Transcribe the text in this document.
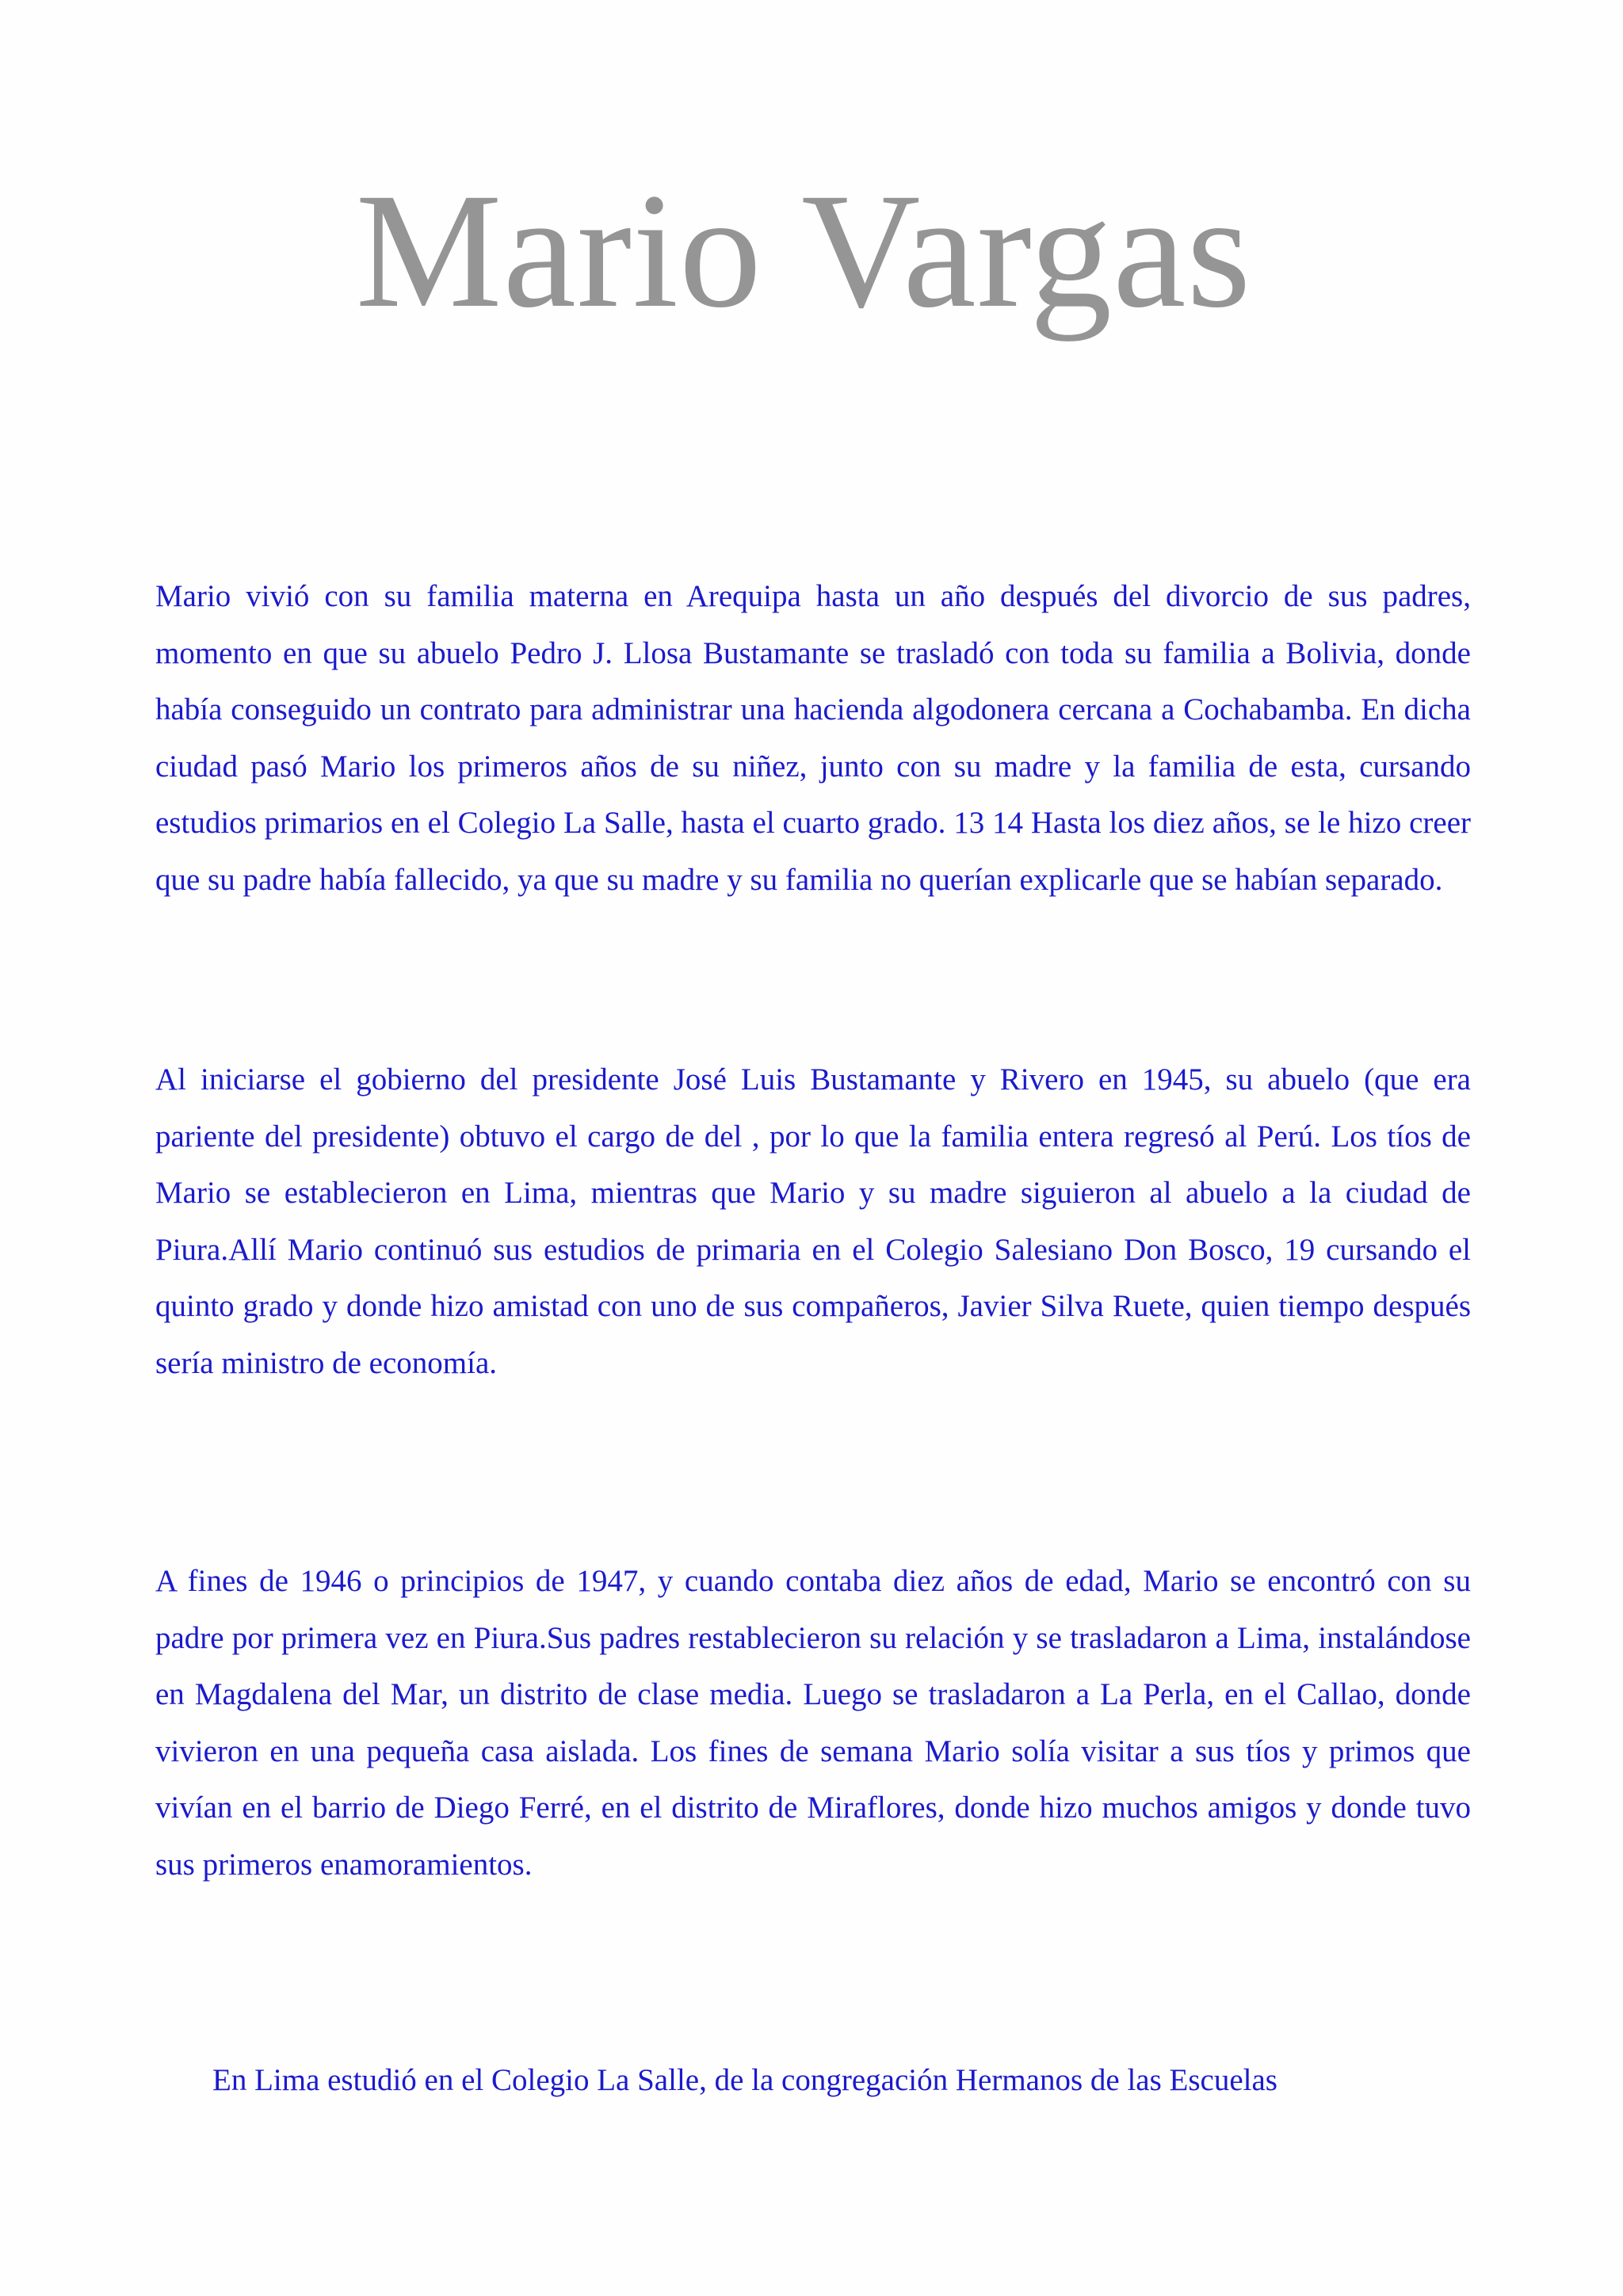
Mario Vargas

Mario vivió con su familia materna en Arequipa hasta un año después del divorcio de sus padres, momento en que su abuelo Pedro J. Llosa Bustamante se trasladó con toda su familia a Bolivia, donde había conseguido un contrato para administrar una hacienda algodonera cercana a Cochabamba. En dicha ciudad pasó Mario los primeros años de su niñez, junto con su madre y la familia de esta, cursando estudios primarios en el Colegio La Salle, hasta el cuarto grado. 13 14 Hasta los diez años, se le hizo creer que su padre había fallecido, ya que su madre y su familia no querían explicarle que se habían separado.

Al iniciarse el gobierno del presidente José Luis Bustamante y Rivero en 1945, su abuelo (que era pariente del presidente) obtuvo el cargo de del , por lo que la familia entera regresó al Perú. Los tíos de Mario se establecieron en Lima, mientras que Mario y su madre siguieron al abuelo a la ciudad de Piura.Allí Mario continuó sus estudios de primaria en el Colegio Salesiano Don Bosco, 19 cursando el quinto grado y donde hizo amistad con uno de sus compañeros, Javier Silva Ruete, quien tiempo después sería ministro de economía.

A fines de 1946 o principios de 1947, y cuando contaba diez años de edad, Mario se encontró con su padre por primera vez en Piura.Sus padres restablecieron su relación y se trasladaron a Lima, instalándose en Magdalena del Mar, un distrito de clase media. Luego se trasladaron a La Perla, en el Callao, donde vivieron en una pequeña casa aislada. Los fines de semana Mario solía visitar a sus tíos y primos que vivían en el barrio de Diego Ferré, en el distrito de Miraflores, donde hizo muchos amigos y donde tuvo sus primeros enamoramientos.

En Lima estudió en el Colegio La Salle, de la congregación Hermanos de las Escuelas
